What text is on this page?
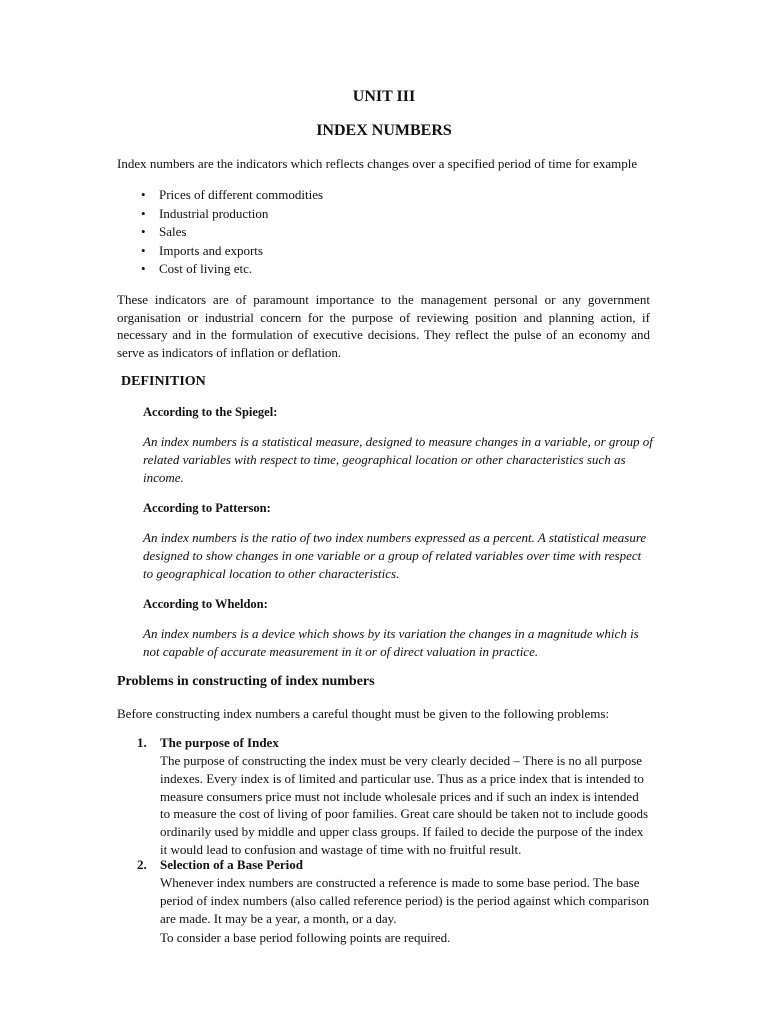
UNIT III
INDEX NUMBERS

Index numbers are the indicators which reflects changes over a specified period of time for example

• Prices of different commodities
• Industrial production
• Sales
• Imports and exports
• Cost of living etc.

These indicators are of paramount importance to the management personal or any government organisation or industrial concern for the purpose of reviewing position and planning action, if necessary and in the formulation of executive decisions. They reflect the pulse of an economy and serve as indicators of inflation or deflation.

DEFINITION

According to the Spiegel:

An index numbers is a statistical measure, designed to measure changes in a variable, or group of related variables with respect to time, geographical location or other characteristics such as income.

According to Patterson:

An index numbers is the ratio of two index numbers expressed as a percent. A statistical measure designed to show changes in one variable or a group of related variables over time with respect to geographical location to other characteristics.

According to Wheldon:

An index numbers is a device which shows by its variation the changes in a magnitude which is not capable of accurate measurement in it or of direct valuation in practice.

Problems in constructing of index numbers

Before constructing index numbers a careful thought must be given to the following problems:

1. The purpose of Index

The purpose of constructing the index must be very clearly decided – There is no all purpose indexes. Every index is of limited and particular use. Thus as a price index that is intended to measure consumers price must not include wholesale prices and if such an index is intended to measure the cost of living of poor families. Great care should be taken not to include goods ordinarily used by middle and upper class groups. If failed to decide the purpose of the index it would lead to confusion and wastage of time with no fruitful result.

2. Selection of a Base Period

Whenever index numbers are constructed a reference is made to some base period. The base period of index numbers (also called reference period) is the period against which comparison are made. It may be a year, a month, or a day.

To consider a base period following points are required.
